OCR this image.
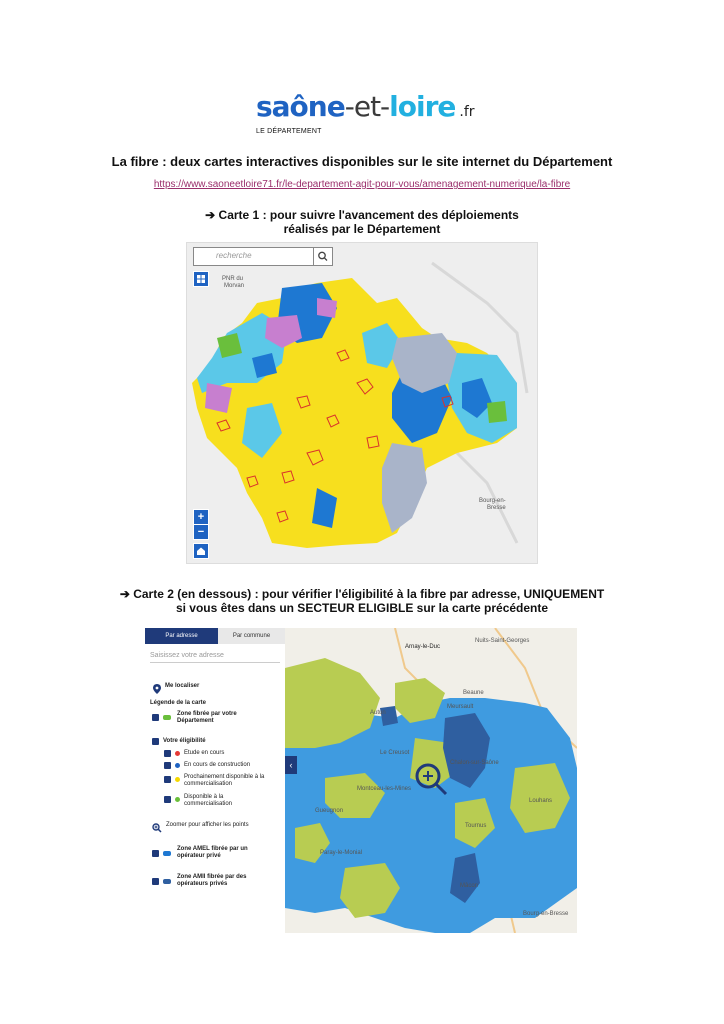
saône-et-loire .fr
LE DÉPARTEMENT
La fibre : deux cartes interactives disponibles sur le site internet du Département
https://www.saoneetloire71.fr/le-departement-agit-pour-vous/amenagement-numerique/la-fibre
➔ Carte 1 : pour suivre l'avancement des déploiements
réalisés par le Département
recherche
PNR du
Morvan
Bourg-en-
Bresse
+
−
➔ Carte 2 (en dessous) : pour vérifier l'éligibilité à la fibre par adresse, UNIQUEMENT
si vous êtes dans un SECTEUR ELIGIBLE sur la carte précédente
Par adresse	Par commune
Saisissez votre adresse
Me localiser
Légende de la carte
Zone fibrée par votre
Département
Votre éligibilité
Etude en cours
En cours de construction
Prochainement disponible à la
commercialisation
Disponible à la
commercialisation
Zoomer pour afficher les points
Zone AMEL fibrée par un
opérateur privé
Zone AMII fibrée par des
opérateurs privés
‹
Arnay-le-Duc
Nuits-Saint-Georges
Beaune
Meursault
Autun
Le Creusot
Chalon-sur-Saône
Montceau-les-Mines
Gueugnon
Louhans
Tournus
Mâcon
Bourg-en-Bresse
Paray-le-Monial
